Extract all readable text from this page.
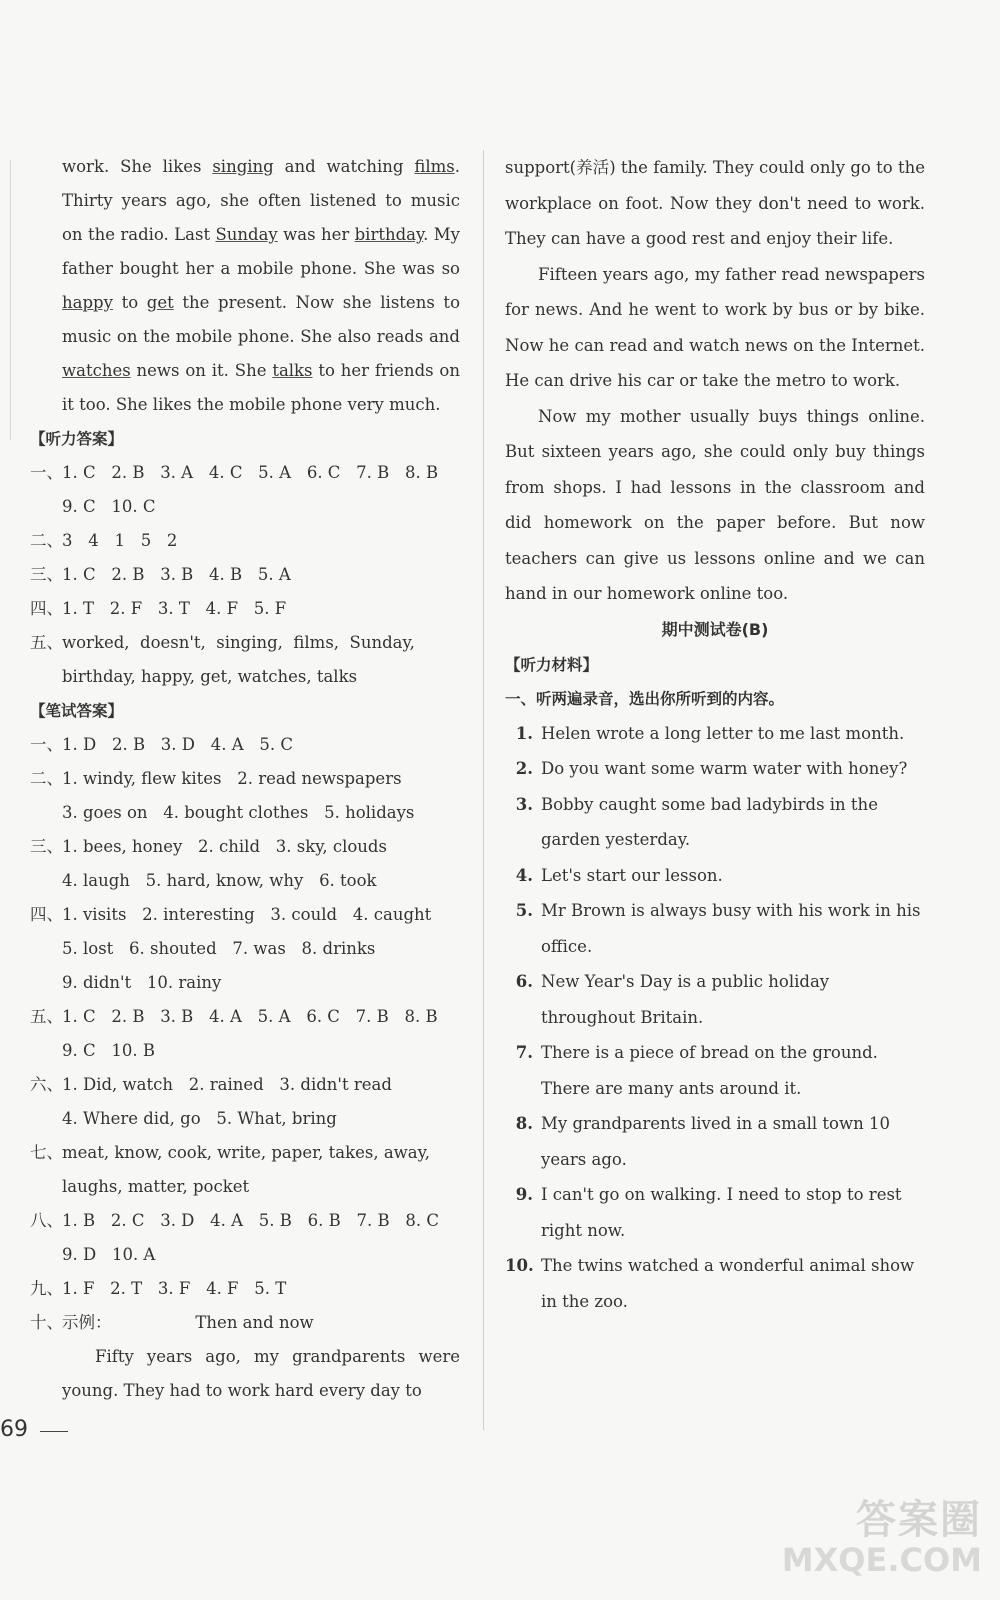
work. She likes singing and watching films. Thirty years ago, she often listened to music on the radio. Last Sunday was her birthday. My father bought her a mobile phone. She was so happy to get the present. Now she listens to music on the mobile phone. She also reads and watches news on it. She talks to her friends on it too. She likes the mobile phone very much.

【听力答案】
一、1. C   2. B   3. A   4. C   5. A   6. C   7. B   8. B
9. C   10. C
二、3   4   1   5   2
三、1. C   2. B   3. B   4. B   5. A
四、1. T   2. F   3. T   4. F   5. F
五、worked,  doesn't,  singing,  films,  Sunday,
birthday, happy, get, watches, talks
【笔试答案】
一、1. D   2. B   3. D   4. A   5. C
二、1. windy, flew kites   2. read newspapers
3. goes on   4. bought clothes   5. holidays
三、1. bees, honey   2. child   3. sky, clouds
4. laugh   5. hard, know, why   6. took
四、1. visits   2. interesting   3. could   4. caught
5. lost   6. shouted   7. was   8. drinks
9. didn't   10. rainy
五、1. C   2. B   3. B   4. A   5. A   6. C   7. B   8. B
9. C   10. B
六、1. Did, watch   2. rained   3. didn't read
4. Where did, go   5. What, bring
七、meat, know, cook, write, paper, takes, away,
laughs, matter, pocket
八、1. B   2. C   3. D   4. A   5. B   6. B   7. B   8. C
9. D   10. A
九、1. F   2. T   3. F   4. F   5. T
十、示例：                Then and now

Fifty years ago, my grandparents were young. They had to work hard every day to

support(养活) the family. They could only go to the workplace on foot. Now they don't need to work. They can have a good rest and enjoy their life.

Fifteen years ago, my father read newspapers for news. And he went to work by bus or by bike. Now he can read and watch news on the Internet. He can drive his car or take the metro to work.

Now my mother usually buys things online. But sixteen years ago, she could only buy things from shops. I had lessons in the classroom and did homework on the paper before. But now teachers can give us lessons online and we can hand in our homework online too.

期中测试卷(B)
【听力材料】
一、听两遍录音，选出你所听到的内容。
1. Helen wrote a long letter to me last month.
2. Do you want some warm water with honey?
3. Bobby caught some bad ladybirds in the garden yesterday.
4. Let's start our lesson.
5. Mr Brown is always busy with his work in his office.
6. New Year's Day is a public holiday throughout Britain.
7. There is a piece of bread on the ground. There are many ants around it.
8. My grandparents lived in a small town 10 years ago.
9. I can't go on walking. I need to stop to rest right now.
10. The twins watched a wonderful animal show in the zoo.
69
答案圈
MXQE.COM
